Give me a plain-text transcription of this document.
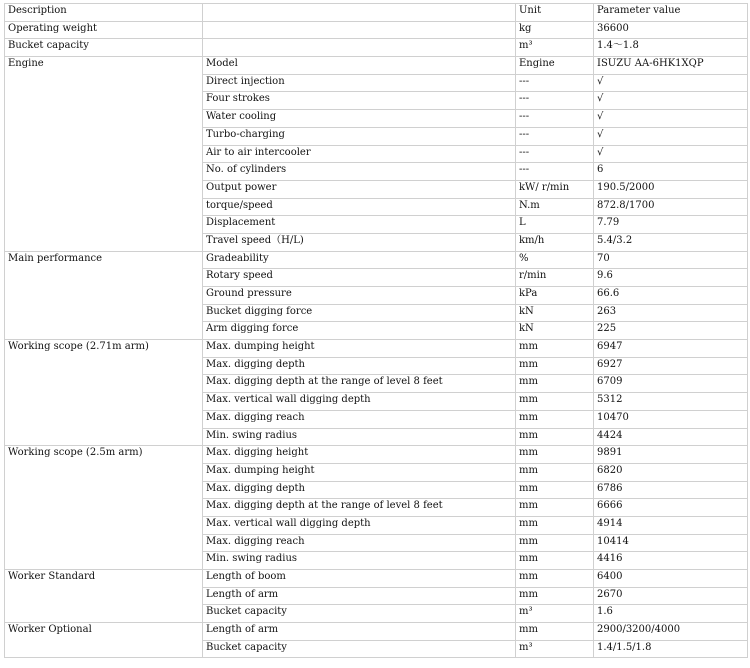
Description		Unit	Parameter value
Operating weight		kg	36600
Bucket capacity		m³	1.4～1.8
Engine	Model	Engine	ISUZU AA-6HK1XQP
	Direct injection	---	√
	Four strokes	---	√
	Water cooling	---	√
	Turbo-charging	---	√
	Air to air intercooler	---	√
	No. of cylinders	---	6
	Output power	kW/ r/min	190.5/2000
	torque/speed	N.m	872.8/1700
	Displacement	L	7.79
	Travel speed（H/L)	km/h	5.4/3.2
Main performance	Gradeability	%	70
	Rotary speed	r/min	9.6
	Ground pressure	kPa	66.6
	Bucket digging force	kN	263
	Arm digging force	kN	225
Working scope (2.71m arm)	Max. dumping height	mm	6947
	Max. digging depth	mm	6927
	Max. digging depth at the range of level 8 feet	mm	6709
	Max. vertical wall digging depth	mm	5312
	Max. digging reach	mm	10470
	Min. swing radius	mm	4424
Working scope (2.5m arm)	Max. digging height	mm	9891
	Max. dumping height	mm	6820
	Max. digging depth	mm	6786
	Max. digging depth at the range of level 8 feet	mm	6666
	Max. vertical wall digging depth	mm	4914
	Max. digging reach	mm	10414
	Min. swing radius	mm	4416
Worker Standard	Length of boom	mm	6400
	Length of arm	mm	2670
	Bucket capacity	m³	1.6
Worker Optional	Length of arm	mm	2900/3200/4000
	Bucket capacity	m³	1.4/1.5/1.8
